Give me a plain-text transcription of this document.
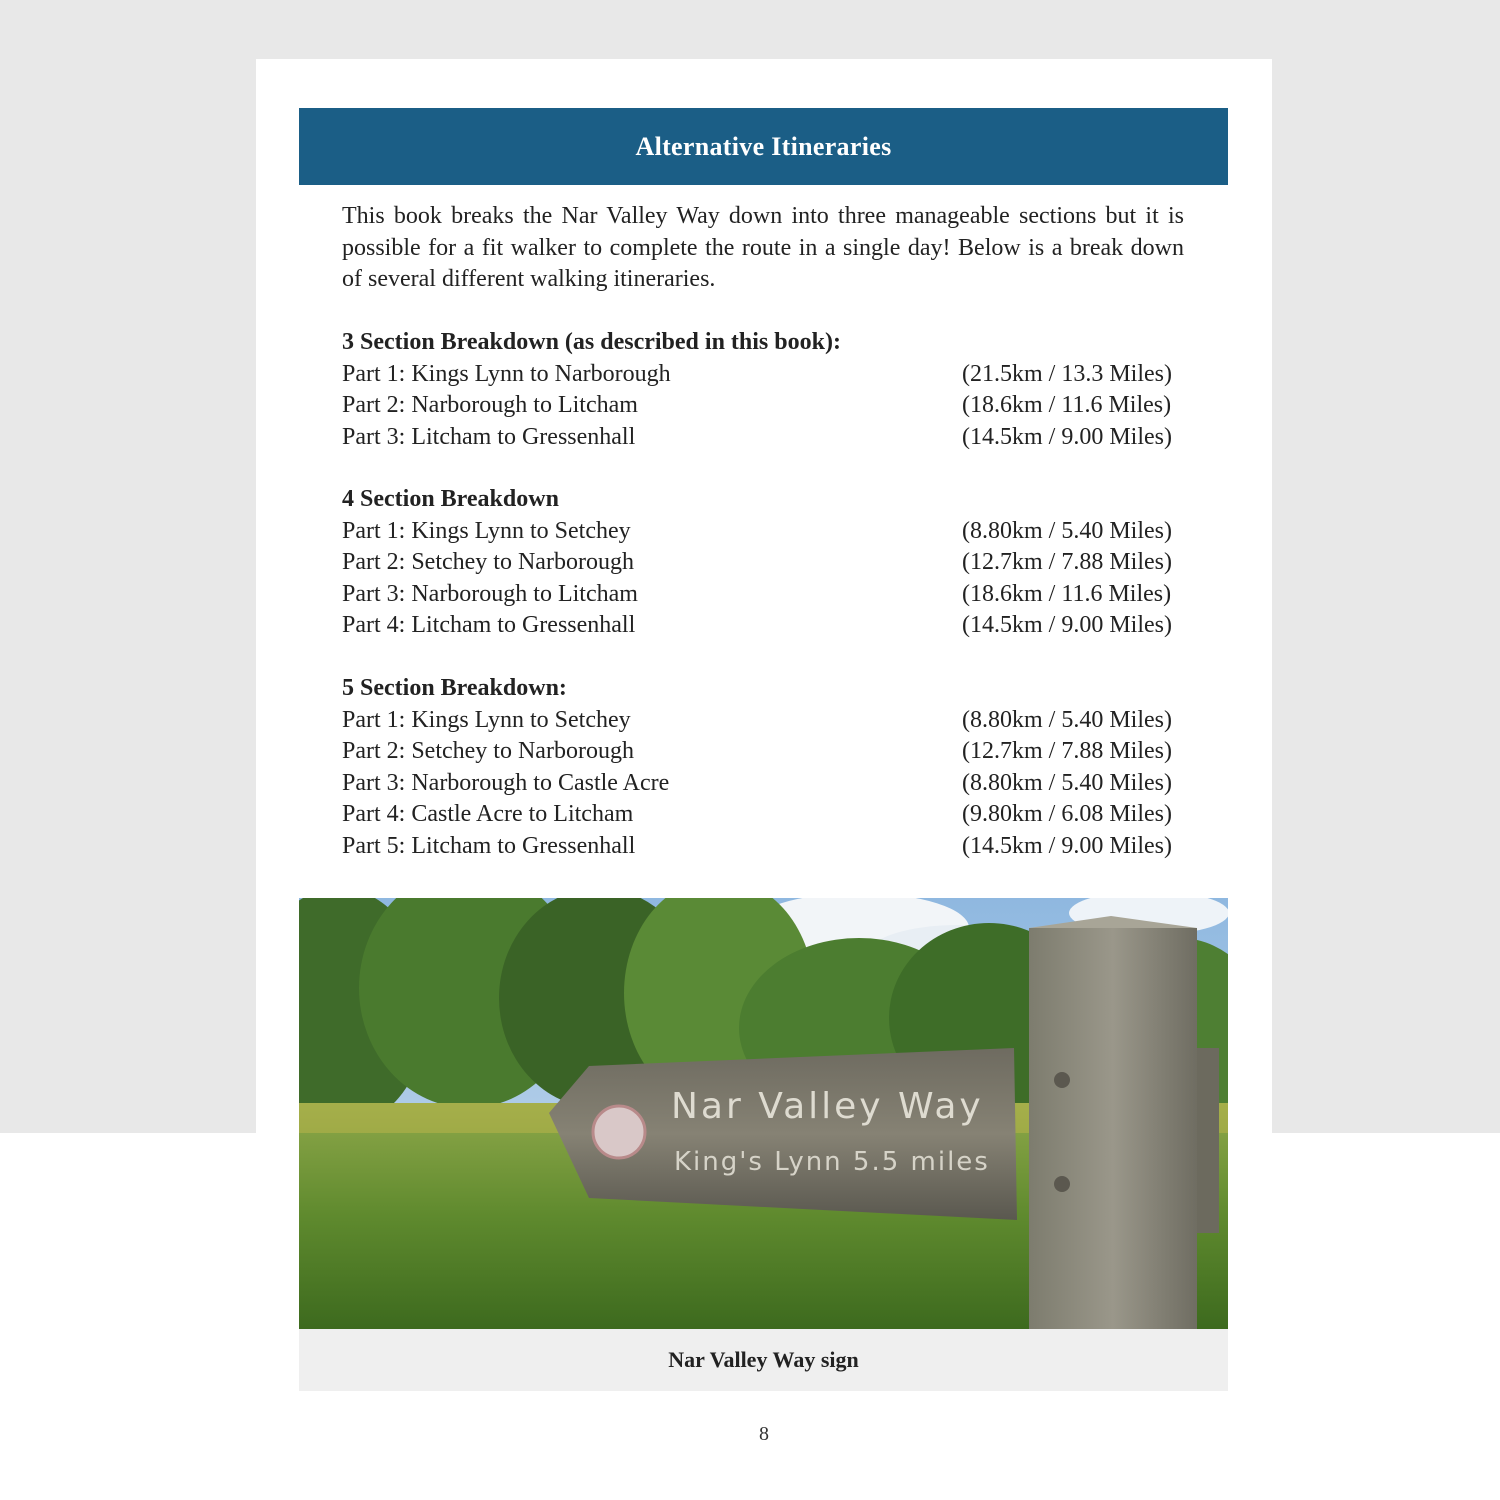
Alternative Itineraries

This book breaks the Nar Valley Way down into three manageable sections but it is possible for a fit walker to complete the route in a single day! Below is a break down of several different walking itineraries.

3 Section Breakdown (as described in this book):
Part 1: Kings Lynn to Narborough	(21.5km / 13.3 Miles)
Part 2: Narborough to Litcham	(18.6km / 11.6 Miles)
Part 3: Litcham to Gressenhall	(14.5km / 9.00 Miles)
4 Section Breakdown
Part 1: Kings Lynn to Setchey	(8.80km / 5.40 Miles)
Part 2: Setchey to Narborough	(12.7km / 7.88 Miles)
Part 3: Narborough to Litcham	(18.6km / 11.6 Miles)
Part 4: Litcham to Gressenhall	(14.5km / 9.00 Miles)
5 Section Breakdown:
Part 1: Kings Lynn to Setchey	(8.80km / 5.40 Miles)
Part 2: Setchey to Narborough	(12.7km / 7.88 Miles)
Part 3: Narborough to Castle Acre	(8.80km / 5.40 Miles)
Part 4: Castle Acre to Litcham	(9.80km / 6.08 Miles)
Part 5: Litcham to Gressenhall	(14.5km / 9.00 Miles)
Nar Valley Way
King's Lynn 5.5 miles
Nar Valley Way sign
8
